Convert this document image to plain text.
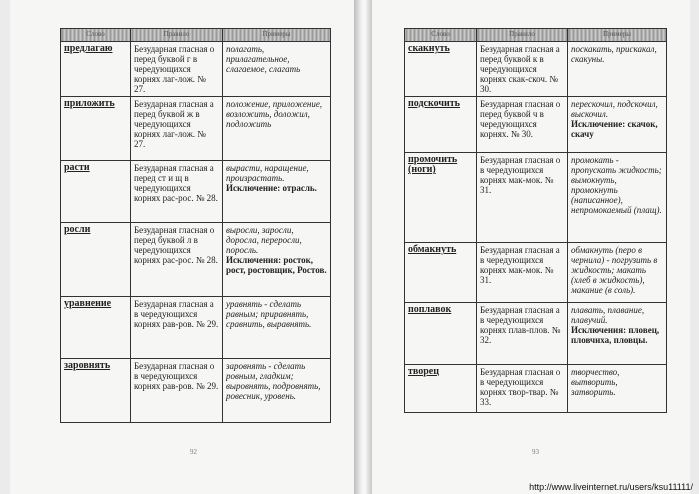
Слово	Правило	Примеры
предлагаю	Безударная гласная о перед буквой г в чередующихся корнях лаг-лож. № 27.	полагать, прилагательное, слагаемое, слагать
приложить	Безударная гласная а перед буквой ж в чередующихся корнях лаг-лож. № 27.	положение, приложение, возложить, доложил, подложить
расти	Безударная гласная а перед ст и щ в чередующихся корнях рас-рос. № 28.	вырасти, наращение, произрастать.
Исключение: отрасль.
росли	Безударная гласная о перед буквой л в чередующихся корнях рас-рос. № 28.	выросли, заросли, доросла, переросли, поросль.
Исключения: росток, рост, ростовщик, Ростов.
уравнение	Безударная гласная а в чередующихся корнях рав-ров. № 29.	уравнять - сделать равным; приравнять, сравнить, выравнять.
заровнять	Безударная гласная о в чередующихся корнях рав-ров. № 29.	заровнять - сделать ровным, гладким; выровнять, подровнять, ровесник, уровень.
92
Слово	Правило	Примеры
скакнуть	Безударная гласная а перед буквой к в чередующихся корнях скак-скоч. № 30.	поскакать, прискакал, скакуны.
подскочить	Безударная гласная о перед буквой ч в чередующихся корнях. № 30.	перескочил, подскочил, выскочил.
Исключение: скачок, скачу
промочить
(ноги)	Безударная гласная о в чередующихся корнях мак-мок. № 31.	промокать - пропускать жидкость; вымокнуть, промокнуть (написанное), непромокаемый (плащ).
обмакнуть	Безударная гласная а в чередующихся корнях мак-мок. № 31.	обмакнуть (перо в чернила) - погрузить в жидкость; макать (хлеб в жидкость), макание (в соль).
поплавок	Безударная гласная а в чередующихся корнях плав-плов. № 32.	плавать, плавание, плавучий.
Исключения: пловец, пловчиха, пловцы.
творец	Безударная гласная о в чередующихся корнях твор-твар. № 33.	творчество, вытворить, затворить.
93
http://www.liveinternet.ru/users/ksu11111/
